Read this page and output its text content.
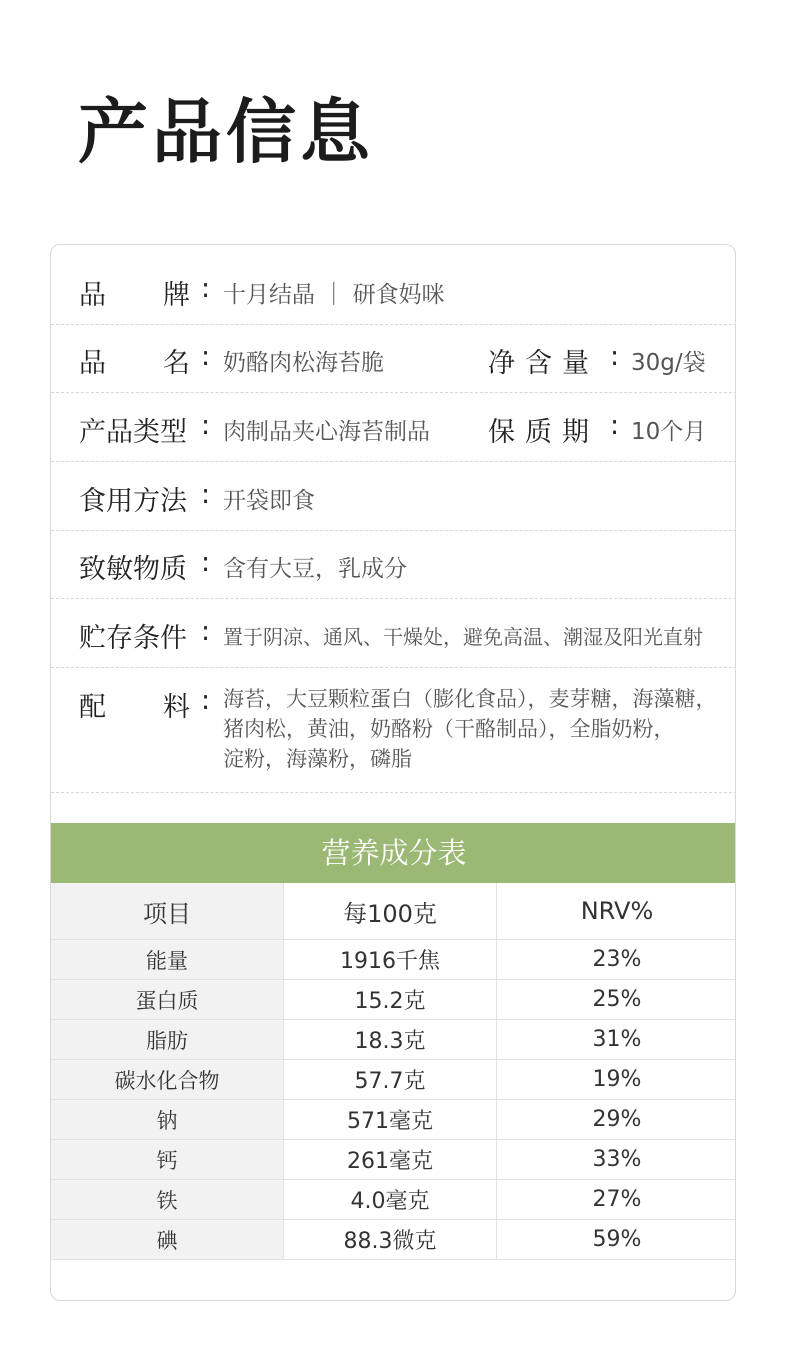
产品信息
品 牌 : 十月结晶 ｜ 研食妈咪
品 名 : 奶酪肉松海苔脆	净含量 : 30g/袋
产品类型 : 肉制品夹心海苔制品 保质期 : 10个月
食用方法 : 开袋即食
致敏物质 : 含有大豆，乳成分
贮存条件 : 置于阴凉、通风、干燥处，避免高温、潮湿及阳光直射
配 料 : 海苔，大豆颗粒蛋白（膨化食品），麦芽糖，海藻糖，
猪肉松，黄油，奶酪粉（干酪制品），全脂奶粉，
淀粉，海藻粉，磷脂
营养成分表
项目	每100克	NRV%
能量	1916千焦	23%
蛋白质	15.2克	25%
脂肪	18.3克	31%
碳水化合物	57.7克	19%
钠	571毫克	29%
钙	261毫克	33%
铁	4.0毫克	27%
碘	88.3微克	59%
